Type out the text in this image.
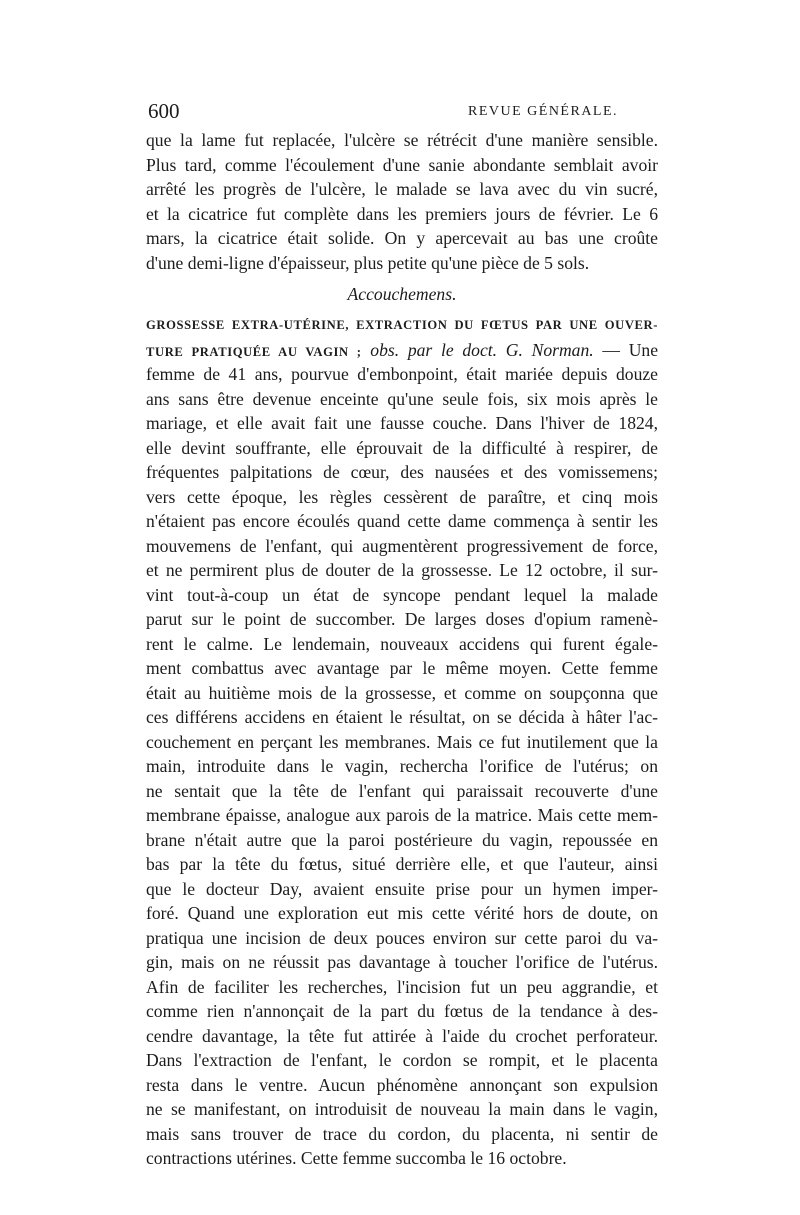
600	REVUE GÉNÉRALE.
que la lame fut replacée, l'ulcère se rétrécit d'une manière sensible.
Plus tard, comme l'écoulement d'une sanie abondante semblait avoir
arrêté les progrès de l'ulcère, le malade se lava avec du vin sucré,
et la cicatrice fut complète dans les premiers jours de février. Le 6
mars, la cicatrice était solide. On y apercevait au bas une croûte
d'une demi-ligne d'épaisseur, plus petite qu'une pièce de 5 sols.
Accouchemens.
GROSSESSE EXTRA-UTÉRINE, EXTRACTION DU FŒTUS PAR UNE OUVER-
TURE PRATIQUÉE AU VAGIN ; obs. par le doct. G. Norman. — Une
femme de 41 ans, pourvue d'embonpoint, était mariée depuis douze
ans sans être devenue enceinte qu'une seule fois, six mois après le
mariage, et elle avait fait une fausse couche. Dans l'hiver de 1824,
elle devint souffrante, elle éprouvait de la difficulté à respirer, de
fréquentes palpitations de cœur, des nausées et des vomissemens;
vers cette époque, les règles cessèrent de paraître, et cinq mois
n'étaient pas encore écoulés quand cette dame commença à sentir les
mouvemens de l'enfant, qui augmentèrent progressivement de force,
et ne permirent plus de douter de la grossesse. Le 12 octobre, il sur-
vint tout-à-coup un état de syncope pendant lequel la malade
parut sur le point de succomber. De larges doses d'opium ramenè-
rent le calme. Le lendemain, nouveaux accidens qui furent égale-
ment combattus avec avantage par le même moyen. Cette femme
était au huitième mois de la grossesse, et comme on soupçonna que
ces différens accidens en étaient le résultat, on se décida à hâter l'ac-
couchement en perçant les membranes. Mais ce fut inutilement que la
main, introduite dans le vagin, rechercha l'orifice de l'utérus; on
ne sentait que la tête de l'enfant qui paraissait recouverte d'une
membrane épaisse, analogue aux parois de la matrice. Mais cette mem-
brane n'était autre que la paroi postérieure du vagin, repoussée en
bas par la tête du fœtus, situé derrière elle, et que l'auteur, ainsi
que le docteur Day, avaient ensuite prise pour un hymen imper-
foré. Quand une exploration eut mis cette vérité hors de doute, on
pratiqua une incision de deux pouces environ sur cette paroi du va-
gin, mais on ne réussit pas davantage à toucher l'orifice de l'utérus.
Afin de faciliter les recherches, l'incision fut un peu aggrandie, et
comme rien n'annonçait de la part du fœtus de la tendance à des-
cendre davantage, la tête fut attirée à l'aide du crochet perforateur.
Dans l'extraction de l'enfant, le cordon se rompit, et le placenta
resta dans le ventre. Aucun phénomène annonçant son expulsion
ne se manifestant, on introduisit de nouveau la main dans le vagin,
mais sans trouver de trace du cordon, du placenta, ni sentir de
contractions utérines. Cette femme succomba le 16 octobre.
